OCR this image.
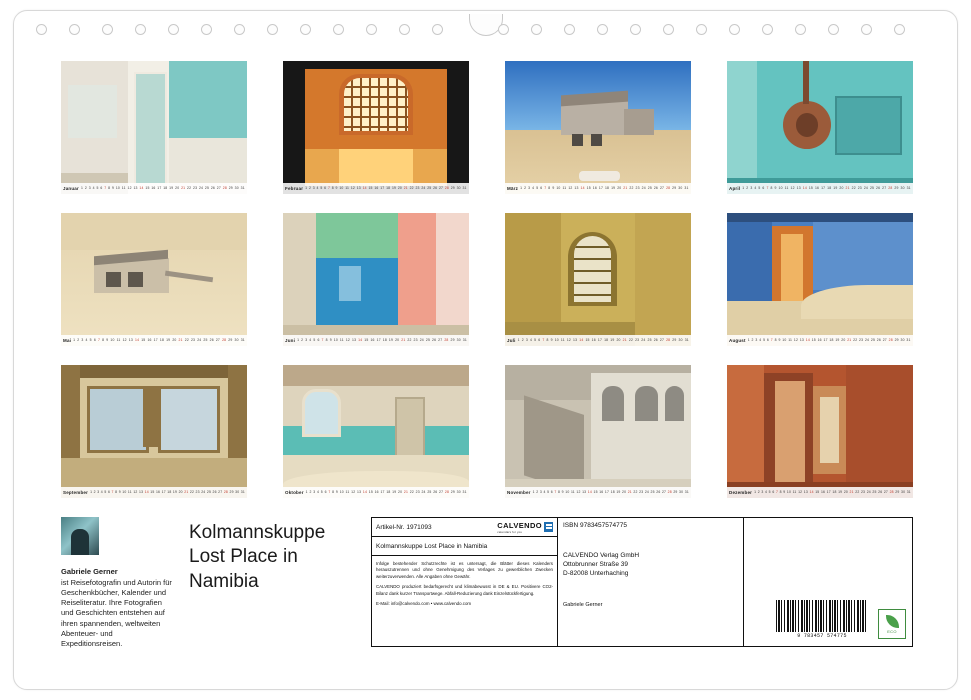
Januar 1 2 3 4 5 6 7 8 9 10 11 12 13 14 15 16 17 18 19 20 21 22 23 24 25 26 27 28 29 30 31	Februar 1 2 3 4 5 6 7 8 9 10 11 12 13 14 15 16 17 18 19 20 21 22 23 24 25 26 27 28 29 30 31	März 1 2 3 4 5 6 7 8 9 10 11 12 13 14 15 16 17 18 19 20 21 22 23 24 25 26 27 28 29 30 31	April 1 2 3 4 5 6 7 8 9 10 11 12 13 14 15 16 17 18 19 20 21 22 23 24 25 26 27 28 29 30 31
Mai 1 2 3 4 5 6 7 8 9 10 11 12 13 14 15 16 17 18 19 20 21 22 23 24 25 26 27 28 29 30 31	Juni 1 2 3 4 5 6 7 8 9 10 11 12 13 14 15 16 17 18 19 20 21 22 23 24 25 26 27 28 29 30 31	Juli 1 2 3 4 5 6 7 8 9 10 11 12 13 14 15 16 17 18 19 20 21 22 23 24 25 26 27 28 29 30 31	August 1 2 3 4 5 6 7 8 9 10 11 12 13 14 15 16 17 18 19 20 21 22 23 24 25 26 27 28 29 30 31
September 1 2 3 4 5 6 7 8 9 10 11 12 13 14 15 16 17 18 19 20 21 22 23 24 25 26 27 28 29 30 31	Oktober 1 2 3 4 5 6 7 8 9 10 11 12 13 14 15 16 17 18 19 20 21 22 23 24 25 26 27 28 29 30 31	November 1 2 3 4 5 6 7 8 9 10 11 12 13 14 15 16 17 18 19 20 21 22 23 24 25 26 27 28 29 30 31	Dezember 1 2 3 4 5 6 7 8 9 10 11 12 13 14 15 16 17 18 19 20 21 22 23 24 25 26 27 28 29 30 31
Gabriele Gerner
ist Reisefotografin und Autorin für Geschenkbücher, Kalender und Reiseliteratur. Ihre Fotografien und Geschichten entstehen auf ihren spannenden, weltweiten Abenteuer- und Expeditionsreisen.
Kolmannskuppe
Lost Place in
Namibia
Artikel-Nr. 1971093	CALVENDO
calendars for you
Kolmannskuppe Lost Place in Namibia

Infolge bestehender Schutzrechte ist es untersagt, die Blätter dieses Kalenders herauszutrennen und ohne Genehmigung des Verlages zu gewerblichen Zwecken weiterzuverwenden. Alle Angaben ohne Gewähr.

CALVENDO produziert bedarfsgerecht und klimabewusst in DE & EU. Positivere CO2-Bilanz dank kurzer Transportwege. Abfall-Reduzierung dank Einzelstückfertigung.

E-Mail: info@calvendo.com • www.calvendo.com

ISBN 9783457574775
CALVENDO Verlag GmbH
Ottobrunner Straße 39
D-82008 Unterhaching
Gabriele Gerner
9 783457 574775
ECO
